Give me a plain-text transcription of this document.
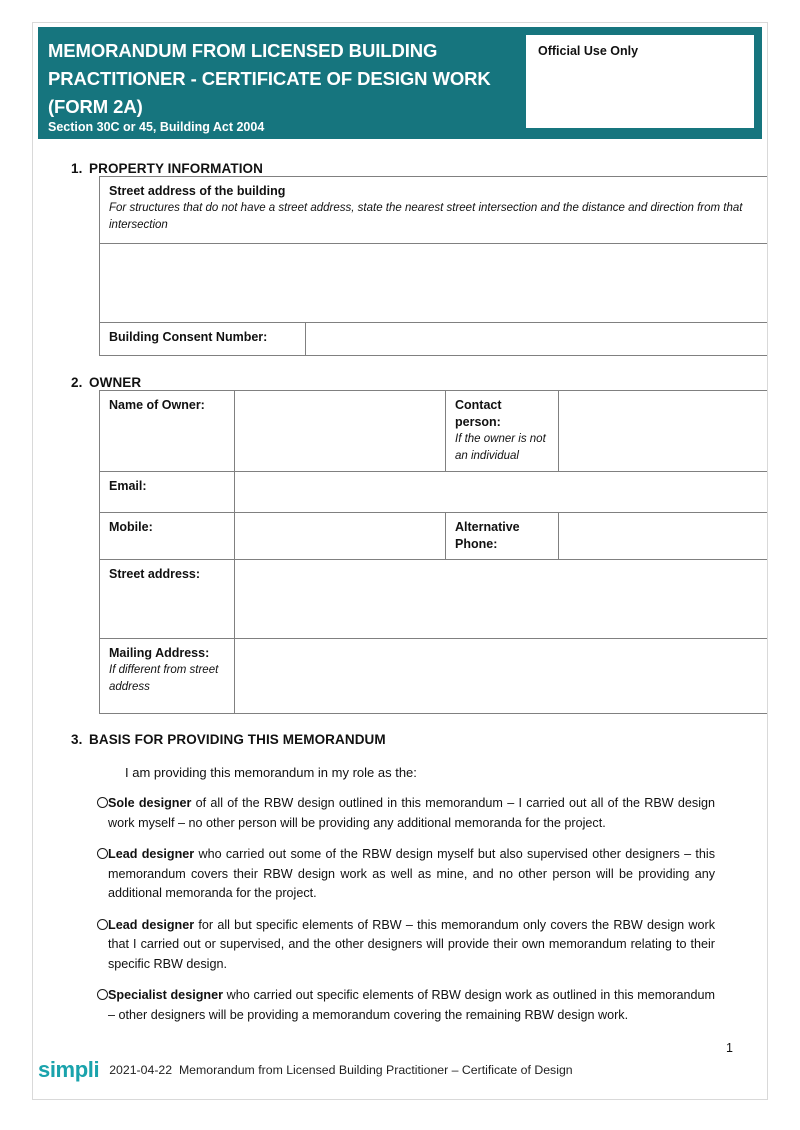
MEMORANDUM FROM LICENSED BUILDING PRACTITIONER - CERTIFICATE OF DESIGN WORK (FORM 2A)
Section 30C or 45, Building Act 2004
Official Use Only
1. PROPERTY INFORMATION
Street address of the building
For structures that do not have a street address, state the nearest street intersection and the distance and direction from that intersection

Building Consent Number:	
2. OWNER
Name of Owner:		Contact person:
If the owner is not an individual	

Email:			
Mobile:		Alternative Phone:	
Street address:			
Mailing Address:
If different from street address			

3. BASIS FOR PROVIDING THIS MEMORANDUM
I am providing this memorandum in my role as the:
Sole designer of all of the RBW design outlined in this memorandum – I carried out all of the RBW design work myself – no other person will be providing any additional memoranda for the project.
Lead designer who carried out some of the RBW design myself but also supervised other designers – this memorandum covers their RBW design work as well as mine, and no other person will be providing any additional memoranda for the project.
Lead designer for all but specific elements of RBW – this memorandum only covers the RBW design work that I carried out or supervised, and the other designers will provide their own memorandum relating to their specific RBW design.
Specialist designer who carried out specific elements of RBW design work as outlined in this memorandum – other designers will be providing a memorandum covering the remaining RBW design work.
1
simpli 2021-04-22 Memorandum from Licensed Building Practitioner – Certificate of Design
